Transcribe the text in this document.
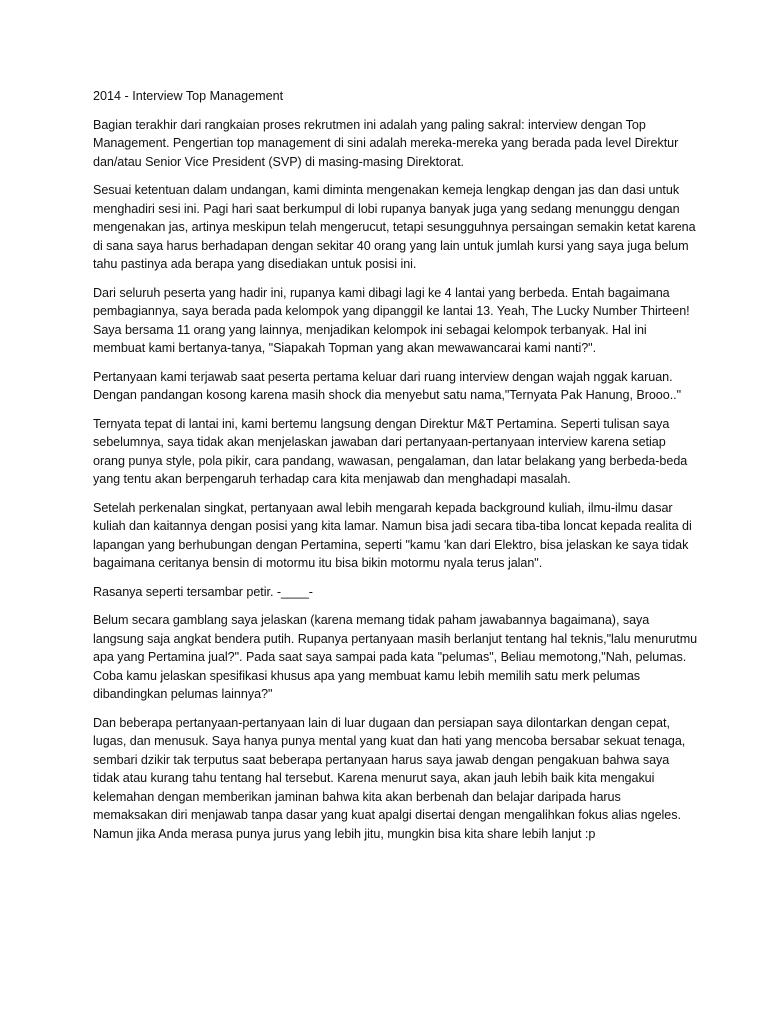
2014 - Interview Top Management

Bagian terakhir dari rangkaian proses rekrutmen ini adalah yang paling sakral: interview dengan Top Management. Pengertian top management di sini adalah mereka-mereka yang berada pada level Direktur dan/atau Senior Vice President (SVP) di masing-masing Direktorat.

Sesuai ketentuan dalam undangan, kami diminta mengenakan kemeja lengkap dengan jas dan dasi untuk menghadiri sesi ini. Pagi hari saat berkumpul di lobi rupanya banyak juga yang sedang menunggu dengan mengenakan jas, artinya meskipun telah mengerucut, tetapi sesungguhnya persaingan semakin ketat karena di sana saya harus berhadapan dengan sekitar 40 orang yang lain untuk jumlah kursi yang saya juga belum tahu pastinya ada berapa yang disediakan untuk posisi ini.

Dari seluruh peserta yang hadir ini, rupanya kami dibagi lagi ke 4 lantai yang berbeda. Entah bagaimana pembagiannya, saya berada pada kelompok yang dipanggil ke lantai 13. Yeah, The Lucky Number Thirteen! Saya bersama 11 orang yang lainnya, menjadikan kelompok ini sebagai kelompok terbanyak. Hal ini membuat kami bertanya-tanya, "Siapakah Topman yang akan mewawancarai kami nanti?".

Pertanyaan kami terjawab saat peserta pertama keluar dari ruang interview dengan wajah nggak karuan. Dengan pandangan kosong karena masih shock dia menyebut satu nama,"Ternyata Pak Hanung, Brooo.."

Ternyata tepat di lantai ini, kami bertemu langsung dengan Direktur M&T Pertamina. Seperti tulisan saya sebelumnya, saya tidak akan menjelaskan jawaban dari pertanyaan-pertanyaan interview karena setiap orang punya style, pola pikir, cara pandang, wawasan, pengalaman, dan latar belakang yang berbeda-beda yang tentu akan berpengaruh terhadap cara kita menjawab dan menghadapi masalah.

Setelah perkenalan singkat, pertanyaan awal lebih mengarah kepada background kuliah, ilmu-ilmu dasar kuliah dan kaitannya dengan posisi yang kita lamar. Namun bisa jadi secara tiba-tiba loncat kepada realita di lapangan yang berhubungan dengan Pertamina, seperti "kamu 'kan dari Elektro, bisa jelaskan ke saya tidak bagaimana ceritanya bensin di motormu itu bisa bikin motormu nyala terus jalan".

Rasanya seperti tersambar petir. -____-

Belum secara gamblang saya jelaskan (karena memang tidak paham jawabannya bagaimana), saya langsung saja angkat bendera putih. Rupanya pertanyaan masih berlanjut tentang hal teknis,"lalu menurutmu apa yang Pertamina jual?". Pada saat saya sampai pada kata "pelumas", Beliau memotong,"Nah, pelumas. Coba kamu jelaskan spesifikasi khusus apa yang membuat kamu lebih memilih satu merk pelumas dibandingkan pelumas lainnya?"

Dan beberapa pertanyaan-pertanyaan lain di luar dugaan dan persiapan saya dilontarkan dengan cepat, lugas, dan menusuk. Saya hanya punya mental yang kuat dan hati yang mencoba bersabar sekuat tenaga, sembari dzikir tak terputus saat beberapa pertanyaan harus saya jawab dengan pengakuan bahwa saya tidak atau kurang tahu tentang hal tersebut. Karena menurut saya, akan jauh lebih baik kita mengakui kelemahan dengan memberikan jaminan bahwa kita akan berbenah dan belajar daripada harus memaksakan diri menjawab tanpa dasar yang kuat apalgi disertai dengan mengalihkan fokus alias ngeles. Namun jika Anda merasa punya jurus yang lebih jitu, mungkin bisa kita share lebih lanjut :p
